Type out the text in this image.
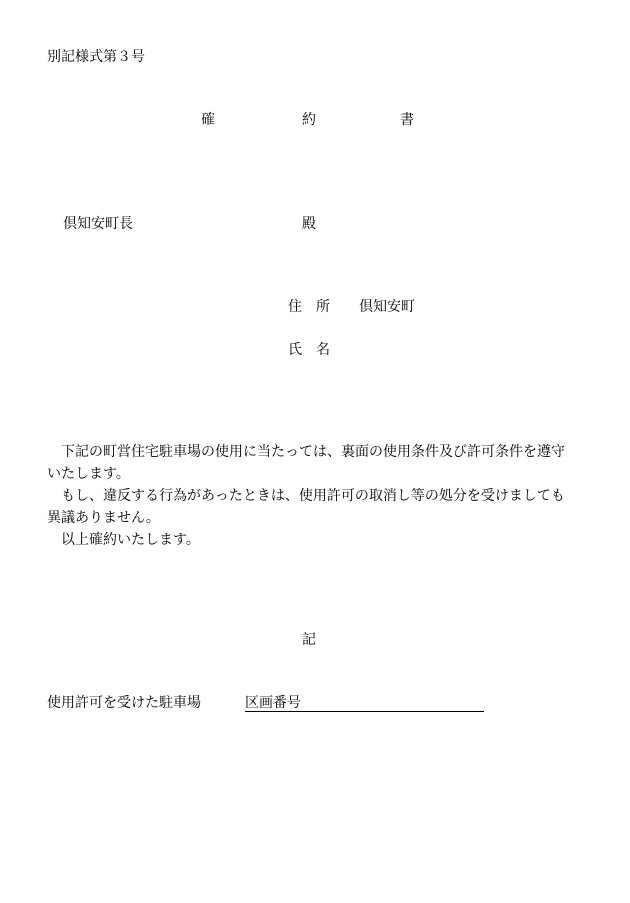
別記様式第３号
確	約	書
倶知安町長	殿
住　所 倶知安町
氏　名
　下記の町営住宅駐車場の使用に当たっては、裏面の使用条件及び許可条件を遵守
いたします。
　もし、違反する行為があったときは、使用許可の取消し等の処分を受けましても
異議ありません。
　以上確約いたします。
記
使用許可を受けた駐車場	区画番号
